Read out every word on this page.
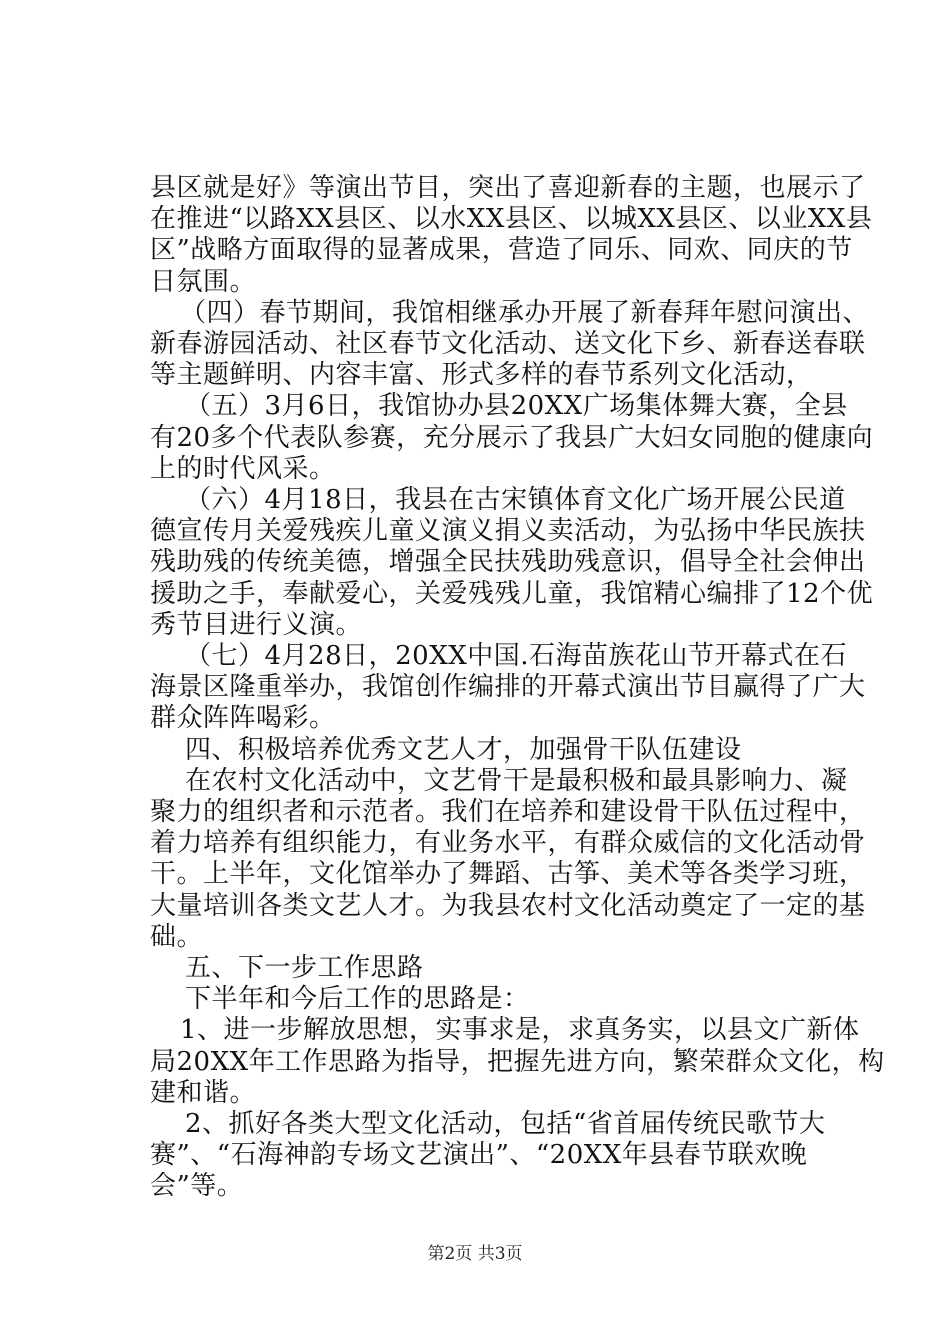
县区就是好》等演出节目，突出了喜迎新春的主题，也展示了
在推进“以路XX县区、以水XX县区、以城XX县区、以业XX县
区”战略方面取得的显著成果，营造了同乐、同欢、同庆的节
日氛围。
（四）春节期间，我馆相继承办开展了新春拜年慰问演出、
新春游园活动、社区春节文化活动、送文化下乡、新春送春联
等主题鲜明、内容丰富、形式多样的春节系列文化活动，
（五）3月6日，我馆协办县20XX广场集体舞大赛，全县
有20多个代表队参赛，充分展示了我县广大妇女同胞的健康向
上的时代风采。
（六）4月18日，我县在古宋镇体育文化广场开展公民道
德宣传月关爱残疾儿童义演义捐义卖活动，为弘扬中华民族扶
残助残的传统美德，增强全民扶残助残意识，倡导全社会伸出
援助之手，奉献爱心，关爱残残儿童，我馆精心编排了12个优
秀节目进行义演。
（七）4月28日，20XX中国.石海苗族花山节开幕式在石
海景区隆重举办，我馆创作编排的开幕式演出节目赢得了广大
群众阵阵喝彩。
四、积极培养优秀文艺人才，加强骨干队伍建设
在农村文化活动中，文艺骨干是最积极和最具影响力、凝
聚力的组织者和示范者。我们在培养和建设骨干队伍过程中，
着力培养有组织能力，有业务水平，有群众威信的文化活动骨
干。上半年，文化馆举办了舞蹈、古筝、美术等各类学习班，
大量培训各类文艺人才。为我县农村文化活动奠定了一定的基
础。
五、下一步工作思路
下半年和今后工作的思路是：
1、进一步解放思想，实事求是，求真务实，以县文广新体
局20XX年工作思路为指导，把握先进方向，繁荣群众文化，构
建和谐。
2、抓好各类大型文化活动，包括“省首届传统民歌节大
赛”、“石海神韵专场文艺演出”、“20XX年县春节联欢晚
会”等。
第2页 共3页
